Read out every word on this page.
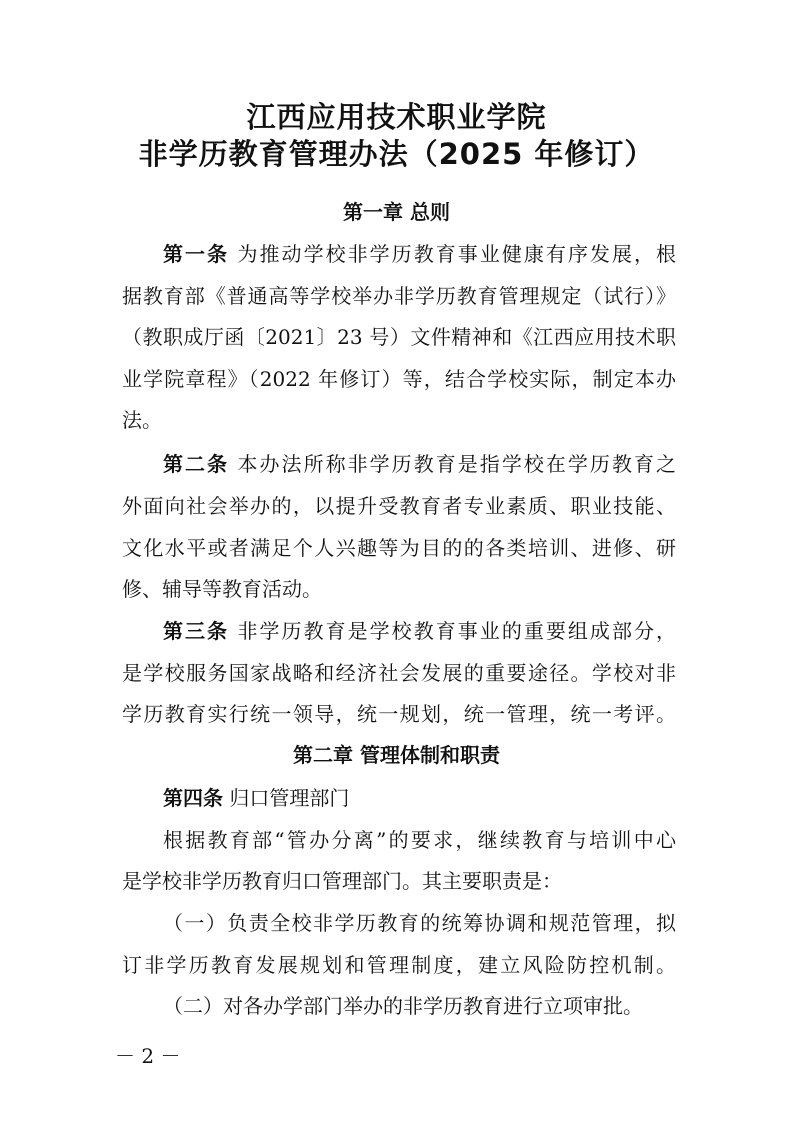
江西应用技术职业学院
非学历教育管理办法（2025 年修订）
第一章 总则
第一条 为推动学校非学历教育事业健康有序发展，根
据教育部《普通高等学校举办非学历教育管理规定（试行）》
（教职成厅函〔2021〕23 号）文件精神和《江西应用技术职
业学院章程》（2022 年修订）等，结合学校实际，制定本办
法。
第二条 本办法所称非学历教育是指学校在学历教育之
外面向社会举办的，以提升受教育者专业素质、职业技能、
文化水平或者满足个人兴趣等为目的的各类培训、进修、研
修、辅导等教育活动。
第三条 非学历教育是学校教育事业的重要组成部分，
是学校服务国家战略和经济社会发展的重要途径。学校对非
学历教育实行统一领导，统一规划，统一管理，统一考评。
第二章 管理体制和职责
第四条 归口管理部门
根据教育部“管办分离”的要求，继续教育与培训中心
是学校非学历教育归口管理部门。其主要职责是：
（一）负责全校非学历教育的统筹协调和规范管理，拟
订非学历教育发展规划和管理制度，建立风险防控机制。
（二）对各办学部门举办的非学历教育进行立项审批。
－ 2 －
